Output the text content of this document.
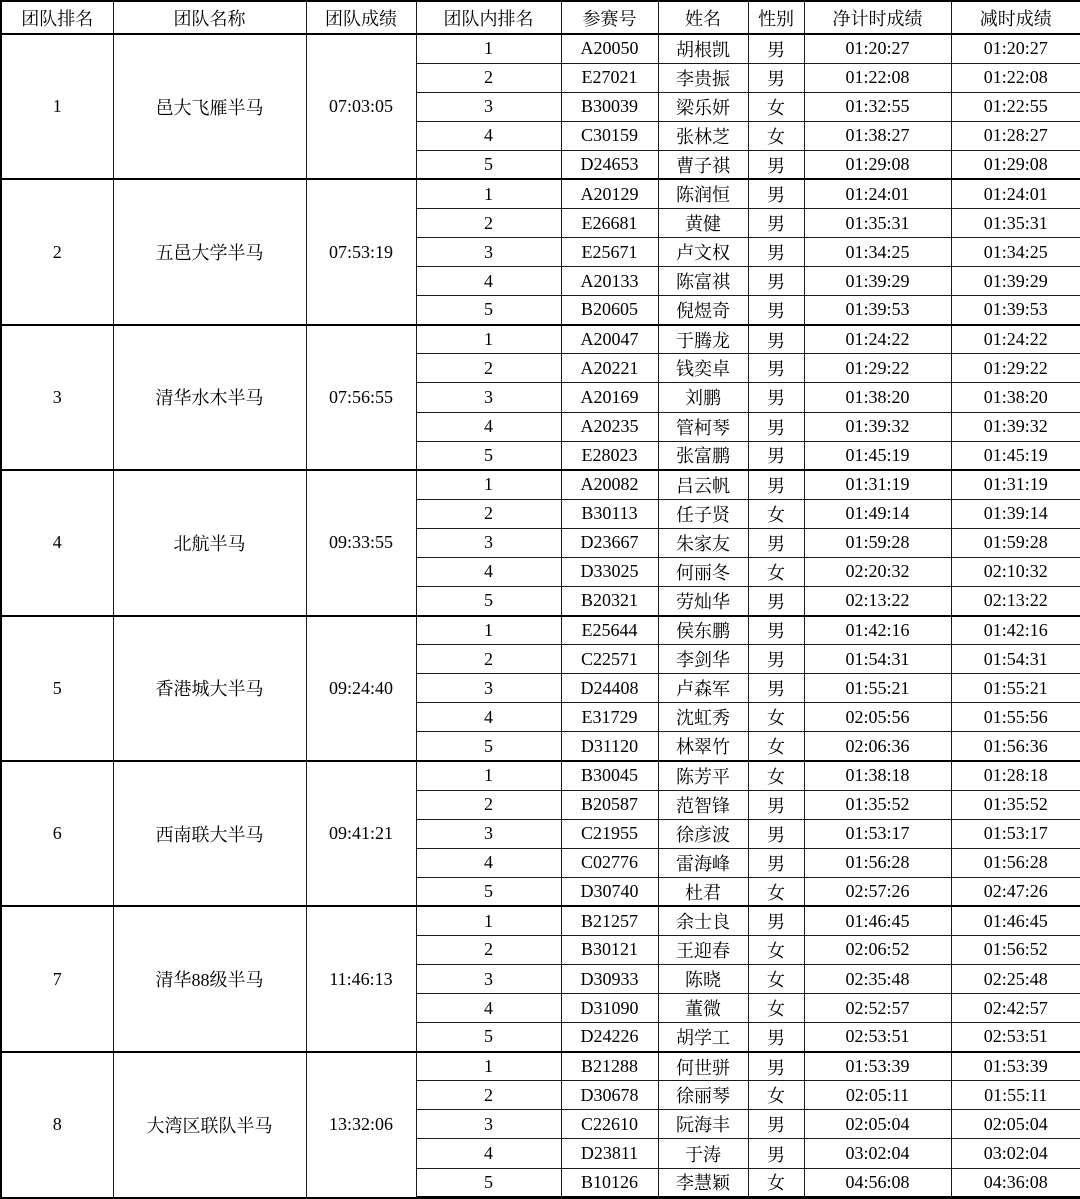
团队排名	团队名称	团队成绩	团队内排名	参赛号	姓名	性别	净计时成绩	减时成绩
1	邑大飞雁半马	07:03:05	1	A20050	胡根凯	男	01:20:27	01:20:27
			2	E27021	李贵振	男	01:22:08	01:22:08
			3	B30039	梁乐妍	女	01:32:55	01:22:55
			4	C30159	张林芝	女	01:38:27	01:28:27
			5	D24653	曹子祺	男	01:29:08	01:29:08
2	五邑大学半马	07:53:19	1	A20129	陈润恒	男	01:24:01	01:24:01
			2	E26681	黄健	男	01:35:31	01:35:31
			3	E25671	卢文权	男	01:34:25	01:34:25
			4	A20133	陈富祺	男	01:39:29	01:39:29
			5	B20605	倪煜奇	男	01:39:53	01:39:53
3	清华水木半马	07:56:55	1	A20047	于腾龙	男	01:24:22	01:24:22
			2	A20221	钱奕卓	男	01:29:22	01:29:22
			3	A20169	刘鹏	男	01:38:20	01:38:20
			4	A20235	管柯琴	男	01:39:32	01:39:32
			5	E28023	张富鹏	男	01:45:19	01:45:19
4	北航半马	09:33:55	1	A20082	吕云帆	男	01:31:19	01:31:19
			2	B30113	任子贤	女	01:49:14	01:39:14
			3	D23667	朱家友	男	01:59:28	01:59:28
			4	D33025	何丽冬	女	02:20:32	02:10:32
			5	B20321	劳灿华	男	02:13:22	02:13:22
5	香港城大半马	09:24:40	1	E25644	侯东鹏	男	01:42:16	01:42:16
			2	C22571	李剑华	男	01:54:31	01:54:31
			3	D24408	卢森军	男	01:55:21	01:55:21
			4	E31729	沈虹秀	女	02:05:56	01:55:56
			5	D31120	林翠竹	女	02:06:36	01:56:36
6	西南联大半马	09:41:21	1	B30045	陈芳平	女	01:38:18	01:28:18
			2	B20587	范智锋	男	01:35:52	01:35:52
			3	C21955	徐彦波	男	01:53:17	01:53:17
			4	C02776	雷海峰	男	01:56:28	01:56:28
			5	D30740	杜君	女	02:57:26	02:47:26
7	清华88级半马	11:46:13	1	B21257	余士良	男	01:46:45	01:46:45
			2	B30121	王迎春	女	02:06:52	01:56:52
			3	D30933	陈晓	女	02:35:48	02:25:48
			4	D31090	董微	女	02:52:57	02:42:57
			5	D24226	胡学工	男	02:53:51	02:53:51
8	大湾区联队半马	13:32:06	1	B21288	何世骈	男	01:53:39	01:53:39
			2	D30678	徐丽琴	女	02:05:11	01:55:11
			3	C22610	阮海丰	男	02:05:04	02:05:04
			4	D23811	于涛	男	03:02:04	03:02:04
			5	B10126	李慧颖	女	04:56:08	04:36:08
